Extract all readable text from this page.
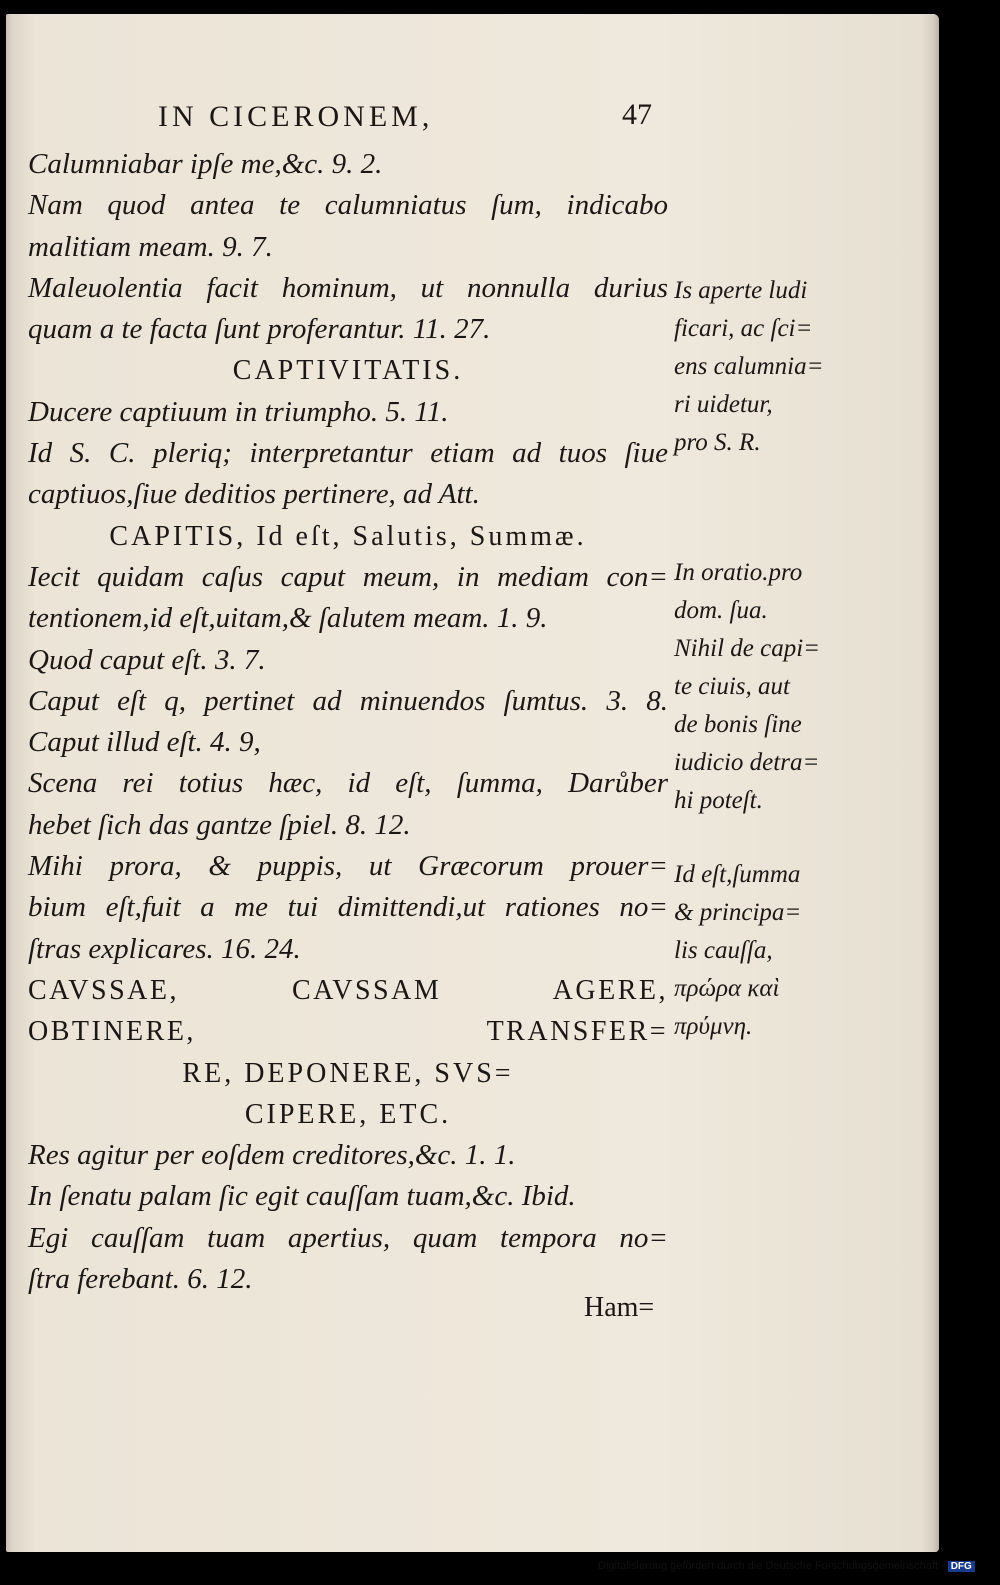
IN CICERONEM,	47
Calumniabar ipſe me,&c. 9. 2.
Nam quod antea te calumniatus ſum, indicabo
malitiam meam. 9. 7.
Maleuolentia facit hominum, ut nonnulla durius
quam a te facta ſunt proferantur. 11. 27.
CAPTIVITATIS.
Ducere captiuum in triumpho. 5. 11.
Id S. C. pleriq; interpretantur etiam ad tuos ſiue
captiuos,ſiue deditios pertinere, ad Att.
CAPITIS, Id eſt, Salutis, Summæ.
Iecit quidam caſus caput meum, in mediam con=
tentionem,id eſt,uitam,& ſalutem meam. 1. 9.
Quod caput eſt. 3. 7.
Caput eſt q, pertinet ad minuendos ſumtus. 3. 8.
Caput illud eſt. 4. 9,
Scena rei totius hæc, id eſt, ſumma, Darůber
hebet ſich das gantze ſpiel. 8. 12.
Mihi prora, & puppis, ut Græcorum prouer=
bium eſt,fuit a me tui dimittendi,ut rationes no=
ſtras explicares. 16. 24.
CAVSSAE, CAVSSAM AGERE,
OBTINERE, TRANSFER=
RE, DEPONERE, SVS=
CIPERE, ETC.
Res agitur per eoſdem creditores,&c. 1. 1.
In ſenatu palam ſic egit cauſſam tuam,&c. Ibid.
Egi cauſſam tuam apertius, quam tempora no=
ſtra ferebant. 6. 12.
Is aperte ludi
ficari, ac ſci=
ens calumnia=
ri uidetur,
pro S. R.
In oratio.pro
dom. ſua.
Nihil de capi=
te ciuis, aut
de bonis ſine
iudicio detra=
hi poteſt.
Id eſt,ſumma
& principa=
lis cauſſa,
πρώρα καὶ
πρύμνη.
Ham=
Digitalisierung gefördert durch die Deutsche Forschungsgemeinschaft · DFG
